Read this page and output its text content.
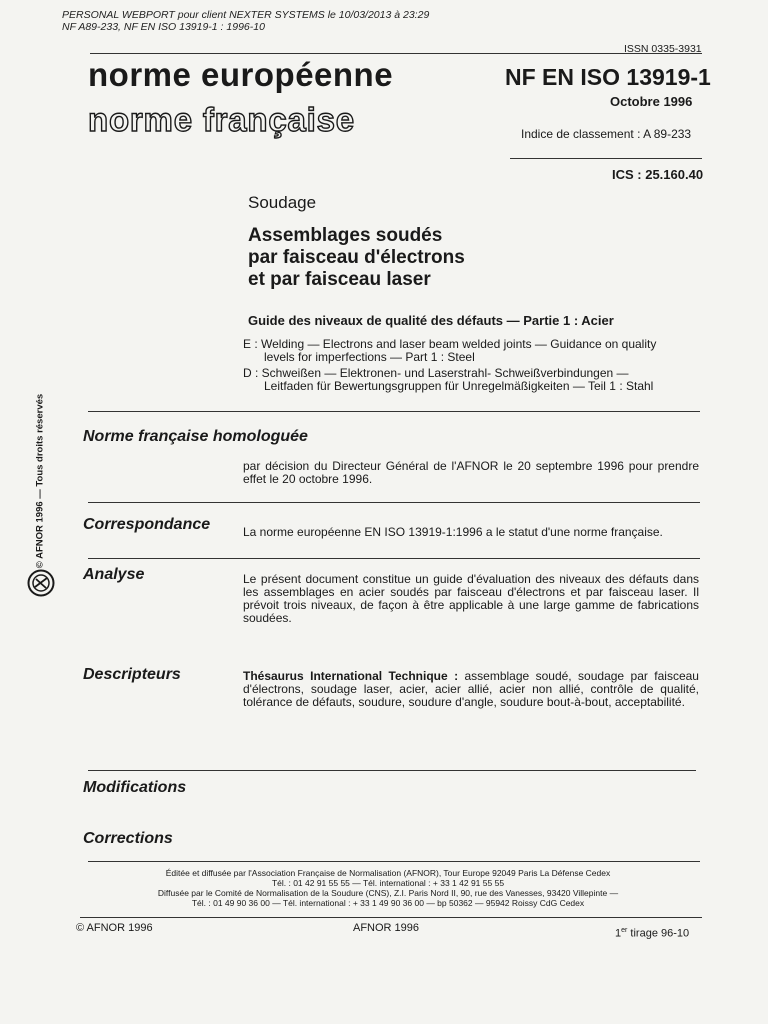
PERSONAL WEBPORT pour client NEXTER SYSTEMS le 10/03/2013 à 23:29
NF A89-233, NF EN ISO 13919-1 : 1996-10
ISSN 0335-3931
norme européenne
norme française
NF EN ISO 13919-1
Octobre 1996
Indice de classement : A 89-233
ICS : 25.160.40
Soudage
Assemblages soudés
par faisceau d'électrons
et par faisceau laser
Guide des niveaux de qualité des défauts — Partie 1 : Acier
E : Welding — Electrons and laser beam welded joints — Guidance on quality
levels for imperfections — Part 1 : Steel
D : Schweißen — Elektronen- und Laserstrahl- Schweißverbindungen —
Leitfaden für Bewertungsgruppen für Unregelmäßigkeiten — Teil 1 : Stahl
Norme française homologuée
par décision du Directeur Général de l'AFNOR le 20 septembre 1996 pour prendre effet le 20 octobre 1996.
Correspondance	La norme européenne EN ISO 13919-1:1996 a le statut d'une norme française.
Analyse	Le présent document constitue un guide d'évaluation des niveaux des défauts dans les assemblages en acier soudés par faisceau d'électrons et par faisceau laser. Il prévoit trois niveaux, de façon à être applicable à une large gamme de fabrications soudées.
Descripteurs	Thésaurus International Technique : assemblage soudé, soudage par faisceau d'électrons, soudage laser, acier, acier allié, acier non allié, contrôle de qualité, tolérance de défauts, soudure, soudure d'angle, soudure bout-à-bout, acceptabilité.
Modifications
Corrections
© AFNOR 1996 — Tous droits réservés
Éditée et diffusée par l'Association Française de Normalisation (AFNOR), Tour Europe 92049 Paris La Défense Cedex
Tél. : 01 42 91 55 55 — Tél. international : + 33 1 42 91 55 55
Diffusée par le Comité de Normalisation de la Soudure (CNS), Z.I. Paris Nord II, 90, rue des Vanesses, 93420 Villepinte —
Tél. : 01 49 90 36 00 — Tél. international : + 33 1 49 90 36 00 — bp 50362 — 95942 Roissy CdG Cedex
© AFNOR 1996	AFNOR 1996	1er tirage 96-10
